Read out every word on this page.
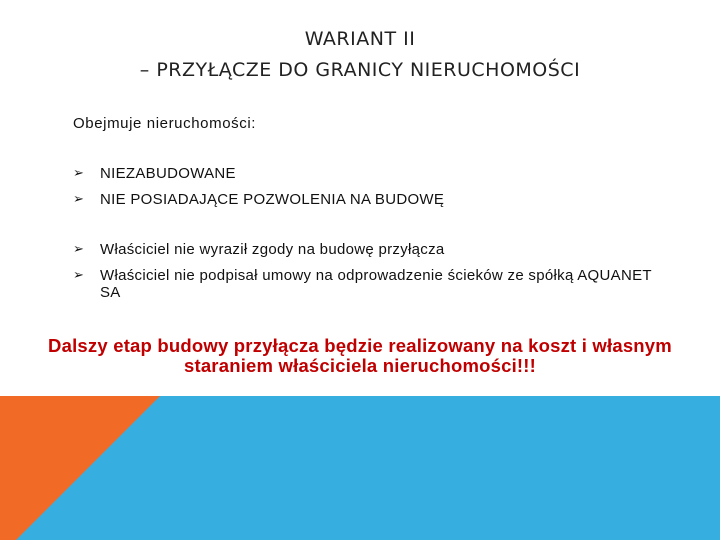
WARIANT II
– PRZYŁĄCZE DO GRANICY NIERUCHOMOŚCI
Obejmuje nieruchomości:
➢ NIEZABUDOWANE
➢ NIE POSIADAJĄCE POZWOLENIA NA BUDOWĘ
➢ Właściciel nie wyraził zgody na budowę przyłącza
➢ Właściciel nie podpisał umowy na odprowadzenie ścieków ze spółką AQUANET SA
Dalszy etap budowy przyłącza będzie realizowany na koszt i własnym staraniem właściciela nieruchomości!!!
